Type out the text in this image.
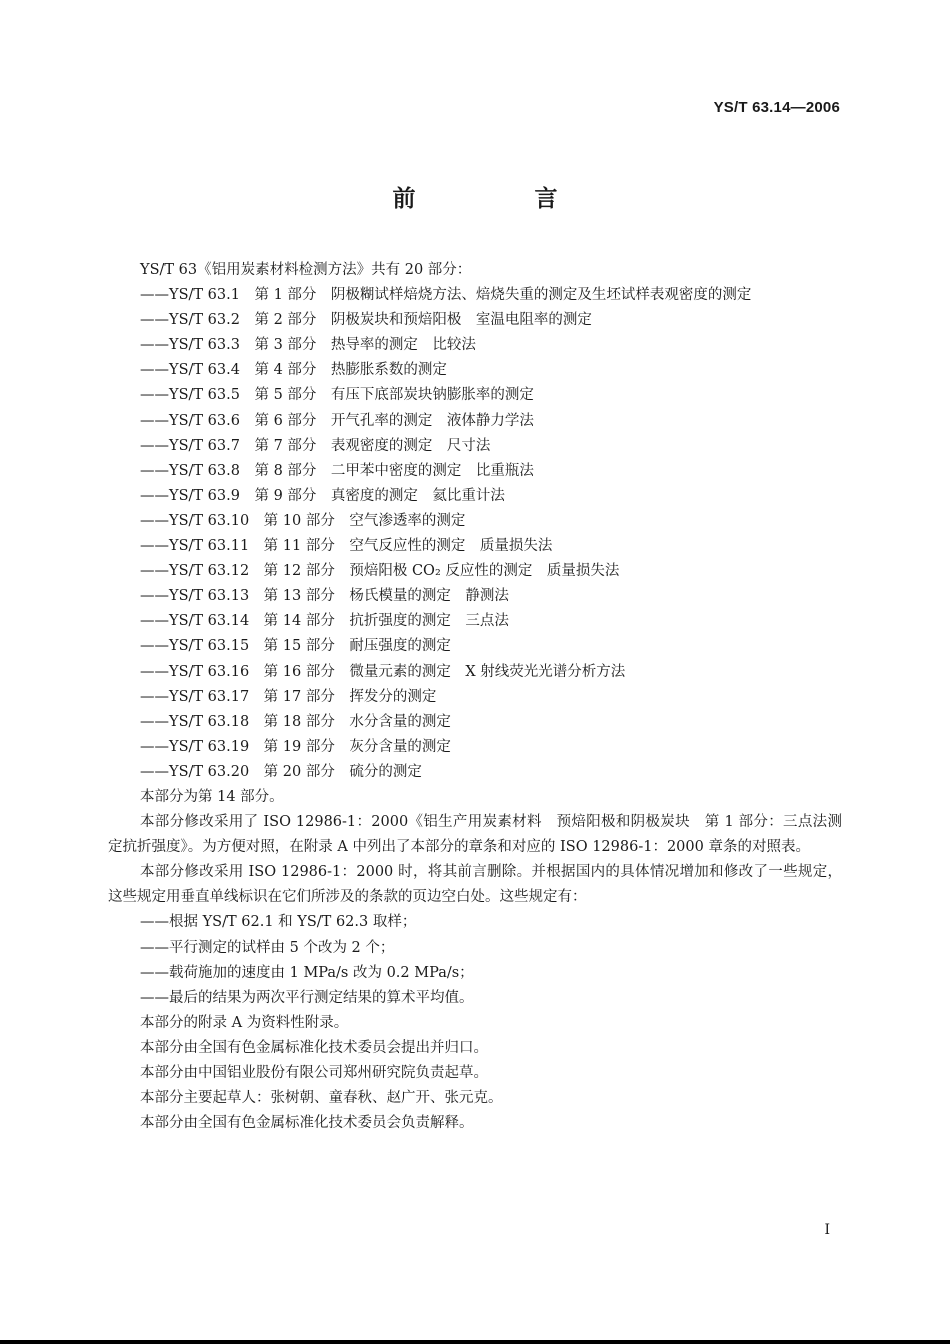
YS/T 63.14—2006
前　言
YS/T 63《铝用炭素材料检测方法》共有 20 部分：
——YS/T 63.1　第 1 部分　阴极糊试样焙烧方法、焙烧失重的测定及生坯试样表观密度的测定
——YS/T 63.2　第 2 部分　阴极炭块和预焙阳极　室温电阻率的测定
——YS/T 63.3　第 3 部分　热导率的测定　比较法
——YS/T 63.4　第 4 部分　热膨胀系数的测定
——YS/T 63.5　第 5 部分　有压下底部炭块钠膨胀率的测定
——YS/T 63.6　第 6 部分　开气孔率的测定　液体静力学法
——YS/T 63.7　第 7 部分　表观密度的测定　尺寸法
——YS/T 63.8　第 8 部分　二甲苯中密度的测定　比重瓶法
——YS/T 63.9　第 9 部分　真密度的测定　氦比重计法
——YS/T 63.10　第 10 部分　空气渗透率的测定
——YS/T 63.11　第 11 部分　空气反应性的测定　质量损失法
——YS/T 63.12　第 12 部分　预焙阳极 CO₂ 反应性的测定　质量损失法
——YS/T 63.13　第 13 部分　杨氏模量的测定　静测法
——YS/T 63.14　第 14 部分　抗折强度的测定　三点法
——YS/T 63.15　第 15 部分　耐压强度的测定
——YS/T 63.16　第 16 部分　微量元素的测定　X 射线荧光光谱分析方法
——YS/T 63.17　第 17 部分　挥发分的测定
——YS/T 63.18　第 18 部分　水分含量的测定
——YS/T 63.19　第 19 部分　灰分含量的测定
——YS/T 63.20　第 20 部分　硫分的测定
本部分为第 14 部分。
本部分修改采用了 ISO 12986-1：2000《铝生产用炭素材料　预焙阳极和阴极炭块　第 1 部分：三点法测定抗折强度》。为方便对照，在附录 A 中列出了本部分的章条和对应的 ISO 12986-1：2000 章条的对照表。
本部分修改采用 ISO 12986-1：2000 时，将其前言删除。并根据国内的具体情况增加和修改了一些规定，这些规定用垂直单线标识在它们所涉及的条款的页边空白处。这些规定有：
——根据 YS/T 62.1 和 YS/T 62.3 取样；
——平行测定的试样由 5 个改为 2 个；
——载荷施加的速度由 1 MPa/s 改为 0.2 MPa/s；
——最后的结果为两次平行测定结果的算术平均值。
本部分的附录 A 为资料性附录。
本部分由全国有色金属标准化技术委员会提出并归口。
本部分由中国铝业股份有限公司郑州研究院负责起草。
本部分主要起草人：张树朝、童春秋、赵广开、张元克。
本部分由全国有色金属标准化技术委员会负责解释。
I
